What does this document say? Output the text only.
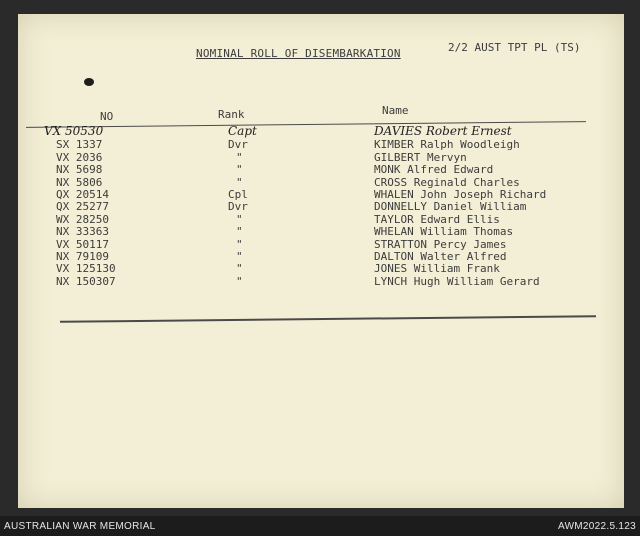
NOMINAL ROLL OF DISEMBARKATION	2/2 AUST TPT PL (TS)
NO	Rank	Name
VX 50530	Capt	DAVIES Robert Ernest
SX 1337	Dvr	KIMBER Ralph Woodleigh
VX 2036	"	GILBERT Mervyn
NX 5698	"	MONK Alfred Edward
NX 5806	"	CROSS Reginald Charles
QX 20514	Cpl	WHALEN John Joseph Richard
QX 25277	Dvr	DONNELLY Daniel William
WX 28250	"	TAYLOR Edward Ellis
NX 33363	"	WHELAN William Thomas
VX 50117	"	STRATTON Percy James
NX 79109	"	DALTON Walter Alfred
VX 125130	"	JONES William Frank
NX 150307	"	LYNCH Hugh William Gerard
AUSTRALIAN WAR MEMORIAL	AWM2022.5.123
